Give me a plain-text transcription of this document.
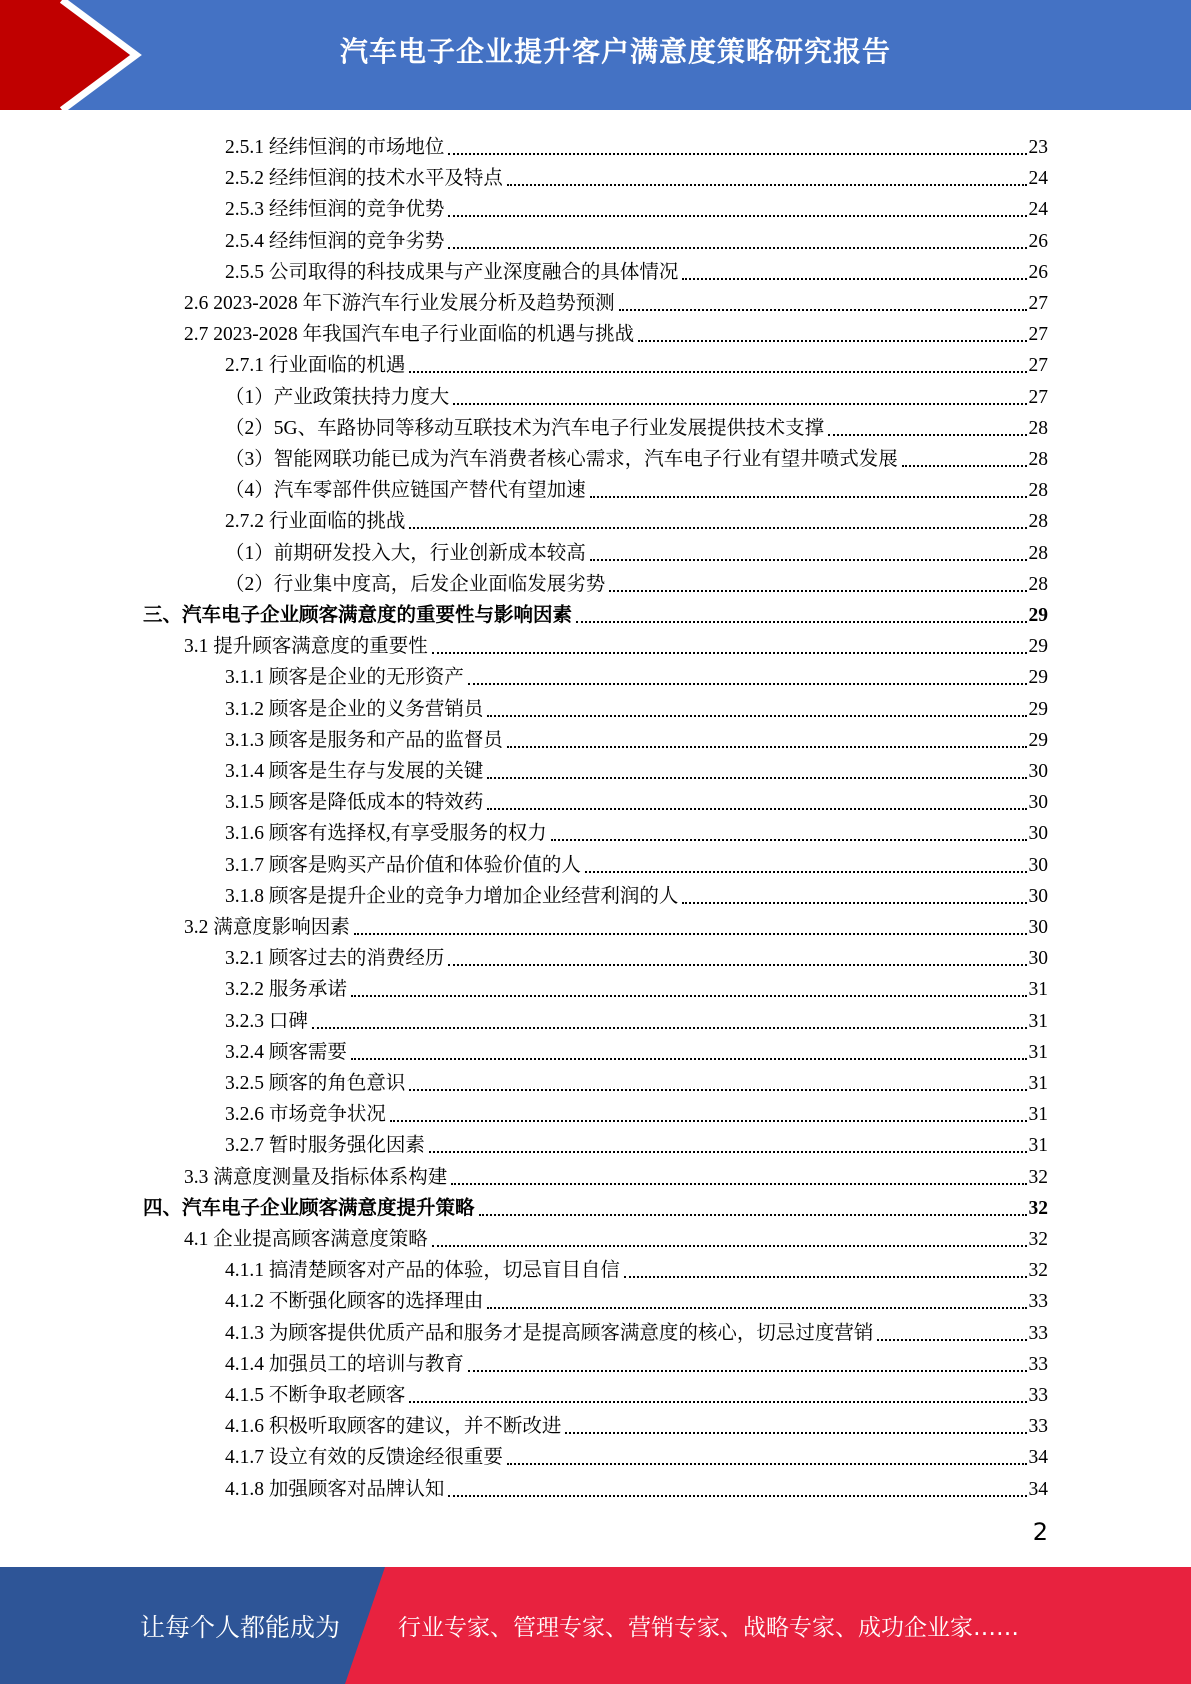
汽车电子企业提升客户满意度策略研究报告
2.5.1 经纬恒润的市场地位	23
2.5.2 经纬恒润的技术水平及特点	24
2.5.3 经纬恒润的竞争优势	24
2.5.4 经纬恒润的竞争劣势	26
2.5.5 公司取得的科技成果与产业深度融合的具体情况	26
2.6 2023-2028 年下游汽车行业发展分析及趋势预测	27
2.7 2023-2028 年我国汽车电子行业面临的机遇与挑战	27
2.7.1 行业面临的机遇	27
（1）产业政策扶持力度大	27
（2）5G、车路协同等移动互联技术为汽车电子行业发展提供技术支撑	28
（3）智能网联功能已成为汽车消费者核心需求，汽车电子行业有望井喷式发展	28
（4）汽车零部件供应链国产替代有望加速	28
2.7.2 行业面临的挑战	28
（1）前期研发投入大，行业创新成本较高	28
（2）行业集中度高，后发企业面临发展劣势	28
三、汽车电子企业顾客满意度的重要性与影响因素	29
3.1 提升顾客满意度的重要性	29
3.1.1 顾客是企业的无形资产	29
3.1.2 顾客是企业的义务营销员	29
3.1.3 顾客是服务和产品的监督员	29
3.1.4 顾客是生存与发展的关键	30
3.1.5 顾客是降低成本的特效药	30
3.1.6 顾客有选择权,有享受服务的权力	30
3.1.7 顾客是购买产品价值和体验价值的人	30
3.1.8 顾客是提升企业的竞争力增加企业经营利润的人	30
3.2 满意度影响因素	30
3.2.1 顾客过去的消费经历	30
3.2.2 服务承诺	31
3.2.3 口碑	31
3.2.4 顾客需要	31
3.2.5 顾客的角色意识	31
3.2.6 市场竞争状况	31
3.2.7 暂时服务强化因素	31
3.3 满意度测量及指标体系构建	32
四、汽车电子企业顾客满意度提升策略	32
4.1 企业提高顾客满意度策略	32
4.1.1 搞清楚顾客对产品的体验，切忌盲目自信	32
4.1.2 不断强化顾客的选择理由	33
4.1.3 为顾客提供优质产品和服务才是提高顾客满意度的核心，切忌过度营销	33
4.1.4 加强员工的培训与教育	33
4.1.5 不断争取老顾客	33
4.1.6 积极听取顾客的建议，并不断改进	33
4.1.7 设立有效的反馈途经很重要	34
4.1.8 加强顾客对品牌认知	34
2
让每个人都能成为	行业专家、管理专家、营销专家、战略专家、成功企业家……
